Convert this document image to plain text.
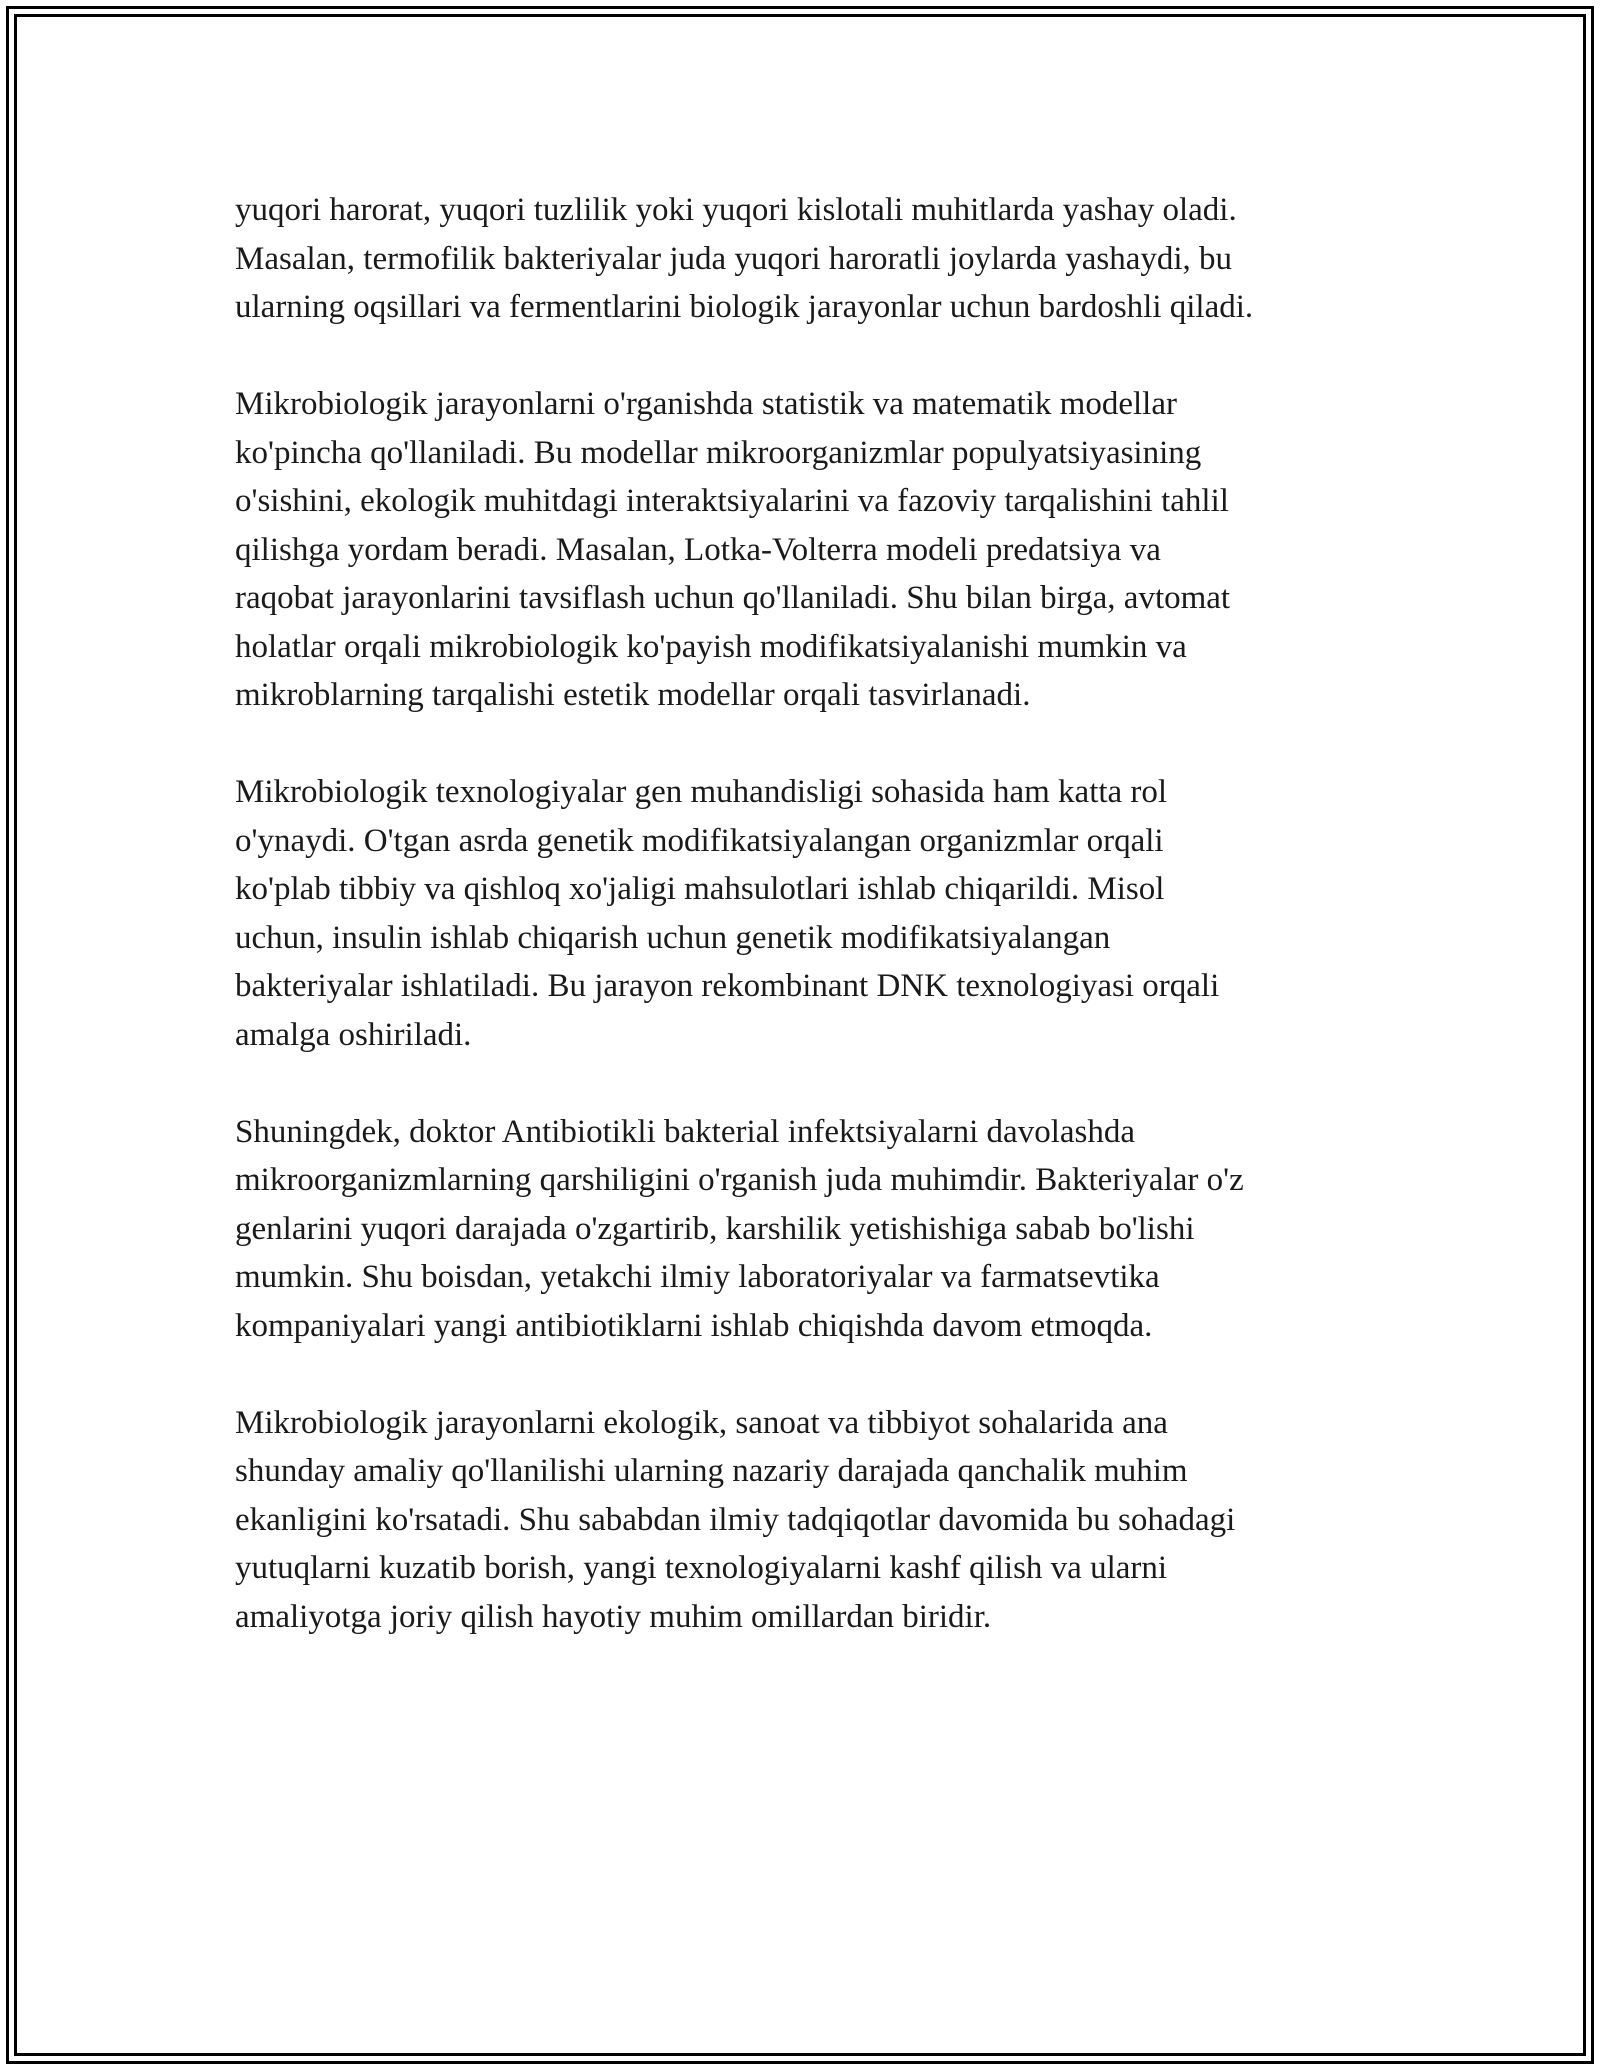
yuqori harorat, yuqori tuzlilik yoki yuqori kislotali muhitlarda yashay oladi.
Masalan, termofilik bakteriyalar juda yuqori haroratli joylarda yashaydi, bu
ularning oqsillari va fermentlarini biologik jarayonlar uchun bardoshli qiladi.

Mikrobiologik jarayonlarni o'rganishda statistik va matematik modellar
ko'pincha qo'llaniladi. Bu modellar mikroorganizmlar populyatsiyasining
o'sishini, ekologik muhitdagi interaktsiyalarini va fazoviy tarqalishini tahlil
qilishga yordam beradi. Masalan, Lotka-Volterra modeli predatsiya va
raqobat jarayonlarini tavsiflash uchun qo'llaniladi. Shu bilan birga, avtomat
holatlar orqali mikrobiologik ko'payish modifikatsiyalanishi mumkin va
mikroblarning tarqalishi estetik modellar orqali tasvirlanadi.

Mikrobiologik texnologiyalar gen muhandisligi sohasida ham katta rol
o'ynaydi. O'tgan asrda genetik modifikatsiyalangan organizmlar orqali
ko'plab tibbiy va qishloq xo'jaligi mahsulotlari ishlab chiqarildi. Misol
uchun, insulin ishlab chiqarish uchun genetik modifikatsiyalangan
bakteriyalar ishlatiladi. Bu jarayon rekombinant DNK texnologiyasi orqali
amalga oshiriladi.

Shuningdek, doktor Antibiotikli bakterial infektsiyalarni davolashda
mikroorganizmlarning qarshiligini o'rganish juda muhimdir. Bakteriyalar o'z
genlarini yuqori darajada o'zgartirib, karshilik yetishishiga sabab bo'lishi
mumkin. Shu boisdan, yetakchi ilmiy laboratoriyalar va farmatsevtika
kompaniyalari yangi antibiotiklarni ishlab chiqishda davom etmoqda.

Mikrobiologik jarayonlarni ekologik, sanoat va tibbiyot sohalarida ana
shunday amaliy qo'llanilishi ularning nazariy darajada qanchalik muhim
ekanligini ko'rsatadi. Shu sababdan ilmiy tadqiqotlar davomida bu sohadagi
yutuqlarni kuzatib borish, yangi texnologiyalarni kashf qilish va ularni
amaliyotga joriy qilish hayotiy muhim omillardan biridir.
